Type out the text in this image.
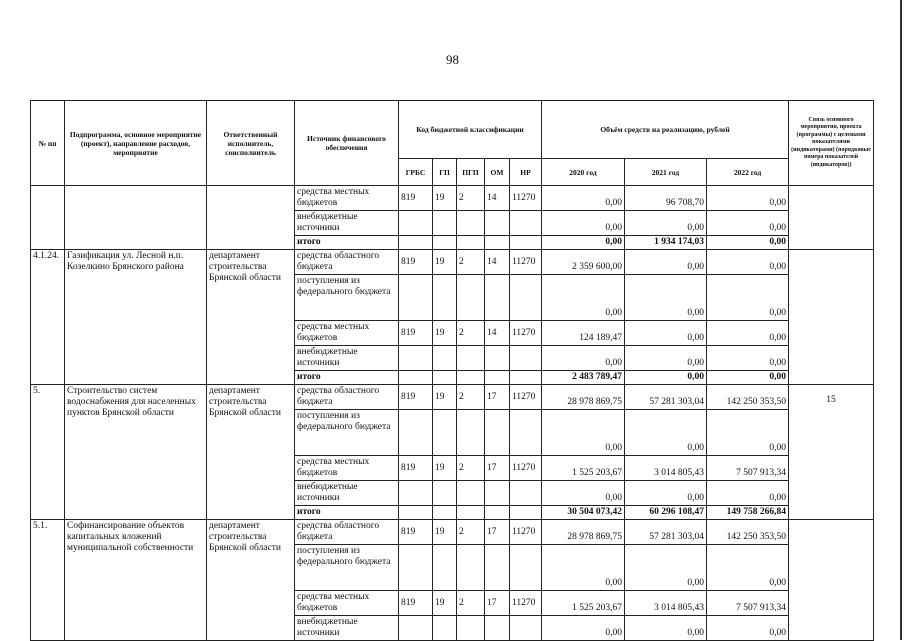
98
№ пп	Подпрограмма, основное мероприятие (проект), направление расходов, мероприятие	Ответственный исполнитель, соисполнитель	Источник финансового обеспечения	Код бюджетной классификации					Объём средств на реализацию, рублей			Связь основного мероприятия, проекта (программы) с целевыми показателями (индикаторами) (порядковые номера показателей (индикаторов))
				ГРБС	ГП	ПГП	ОМ	НР	2020 год	2021 год	2022 год	
			средства местных бюджетов	819	19	2	14	11270	0,00	96 708,70	0,00	
			внебюджетные источники						0,00	0,00	0,00	
			итого						0,00	1 934 174,03	0,00	
4.1.24.	Газификация ул. Лесной н.п. Козелкино Брянского района	департамент строительства Брянской области	средства областного бюджета	819	19	2	14	11270	2 359 600,00	0,00	0,00	
			поступления из федерального бюджета						0,00	0,00	0,00	
			средства местных бюджетов	819	19	2	14	11270	124 189,47	0,00	0,00	
			внебюджетные источники						0,00	0,00	0,00	
			итого						2 483 789,47	0,00	0,00	
5.	Строительство систем водоснабжения для населенных пунктов Брянской области	департамент строительства Брянской области	средства областного бюджета	819	19	2	17	11270	28 978 869,75	57 281 303,04	142 250 353,50	15
			поступления из федерального бюджета						0,00	0,00	0,00	
			средства местных бюджетов	819	19	2	17	11270	1 525 203,67	3 014 805,43	7 507 913,34	
			внебюджетные источники						0,00	0,00	0,00	
			итого						30 504 073,42	60 296 108,47	149 758 266,84	
5.1.	Софинансирование объектов капитальных вложений муниципальной собственности	департамент строительства Брянской области	средства областного бюджета	819	19	2	17	11270	28 978 869,75	57 281 303,04	142 250 353,50	
			поступления из федерального бюджета						0,00	0,00	0,00	
			средства местных бюджетов	819	19	2	17	11270	1 525 203,67	3 014 805,43	7 507 913,34	
			внебюджетные источники						0,00	0,00	0,00	
